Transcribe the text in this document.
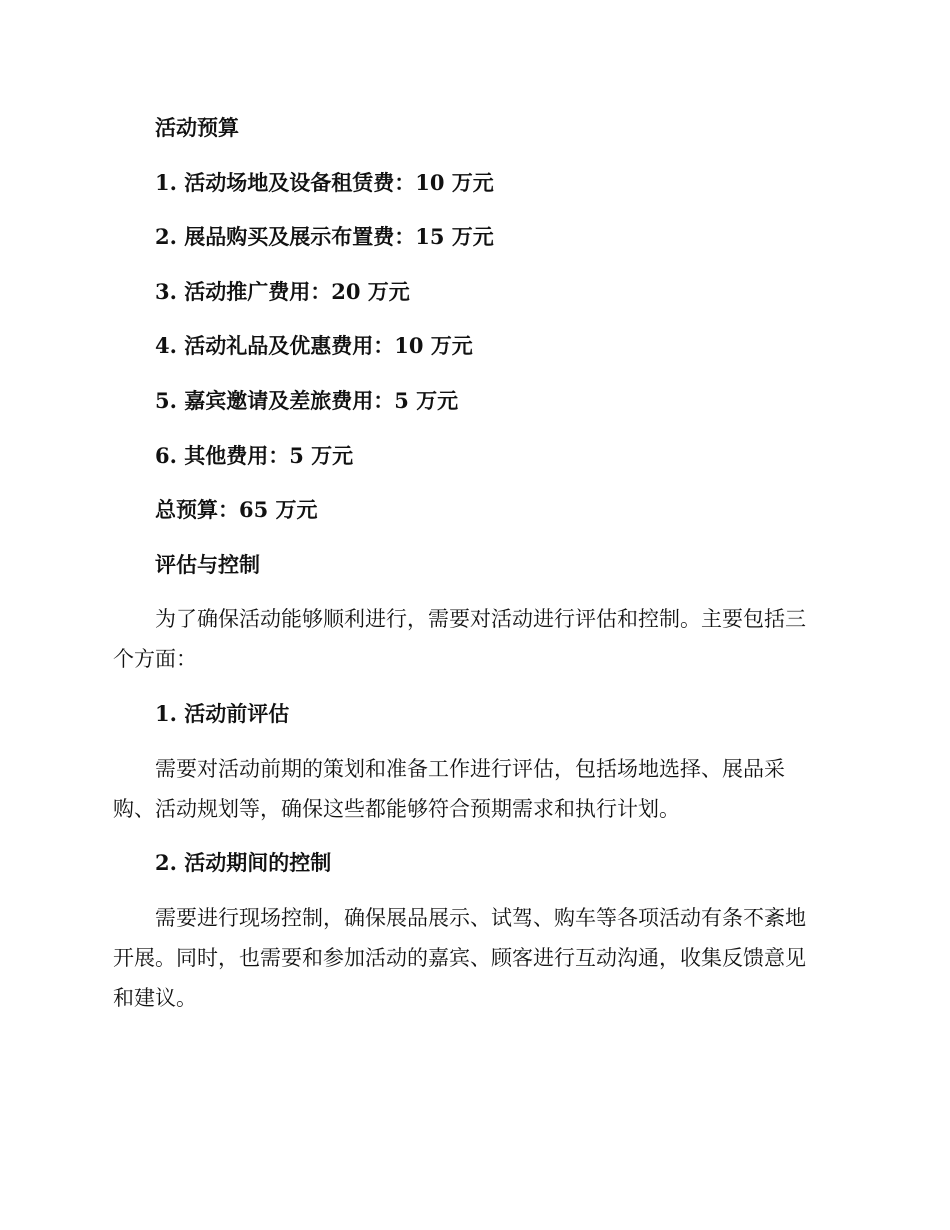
活动预算

1. 活动场地及设备租赁费：10 万元

2. 展品购买及展示布置费：15 万元

3. 活动推广费用：20 万元

4. 活动礼品及优惠费用：10 万元

5. 嘉宾邀请及差旅费用：5 万元

6. 其他费用：5 万元

总预算：65 万元

评估与控制

为了确保活动能够顺利进行，需要对活动进行评估和控制。主要包括三
个方面：

1. 活动前评估

需要对活动前期的策划和准备工作进行评估，包括场地选择、展品采
购、活动规划等，确保这些都能够符合预期需求和执行计划。

2. 活动期间的控制

需要进行现场控制，确保展品展示、试驾、购车等各项活动有条不紊地
开展。同时，也需要和参加活动的嘉宾、顾客进行互动沟通，收集反馈意见
和建议。
